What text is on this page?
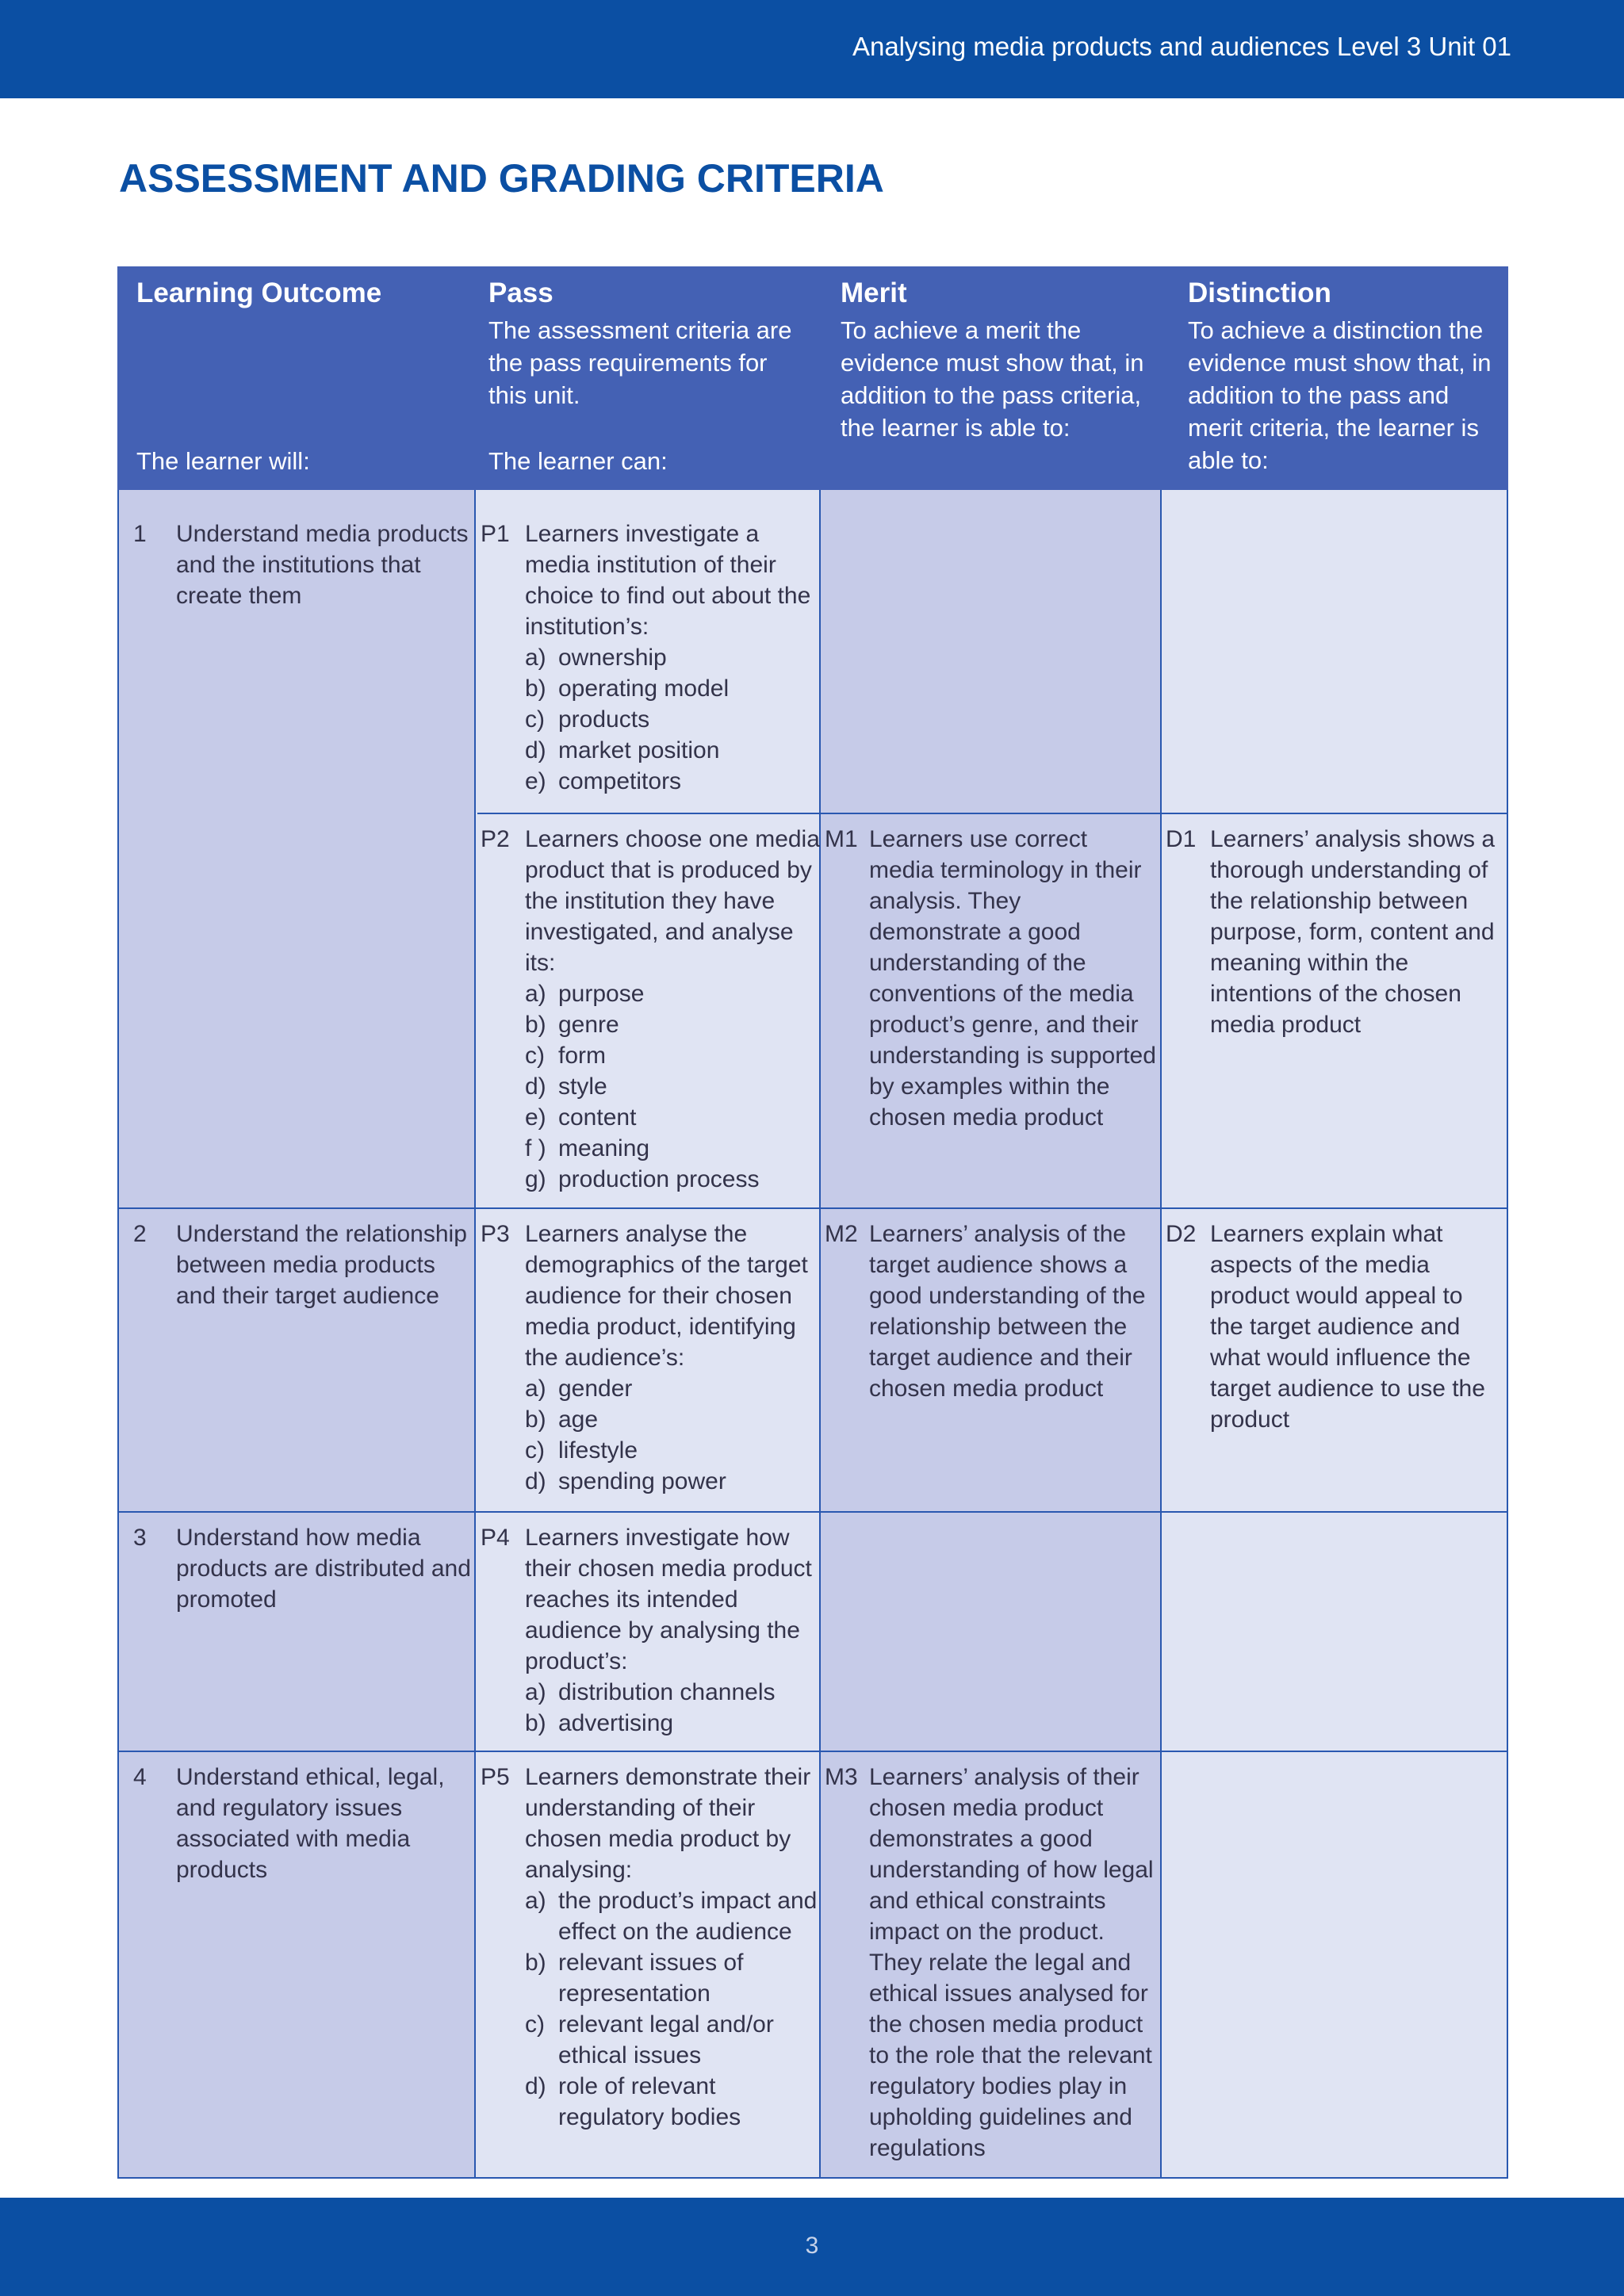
Analysing media products and audiences Level 3 Unit 01
ASSESSMENT AND GRADING CRITERIA
Learning Outcome
The learner will:
Pass
The assessment criteria are the pass requirements for this unit.
The learner can:
Merit
To achieve a merit the evidence must show that, in addition to the pass criteria, the learner is able to:
Distinction
To achieve a distinction the evidence must show that, in addition to the pass and merit criteria, the learner is able to:
1 Understand media products and the institutions that create them
P1 Learners investigate a media institution of their choice to find out about the institution’s:

a) ownership
b) operating model
c) products
d) market position
e) competitors
P2 Learners choose one media product that is produced by the institution they have investigated, and analyse its:

a) purpose
b) genre
c) form
d) style
e) content
f ) meaning
g) production process
M1 Learners use correct media terminology in their analysis. They demonstrate a good understanding of the conventions of the media product’s genre, and their understanding is supported by examples within the chosen media product

D1 Learners’ analysis shows a thorough understanding of the relationship between purpose, form, content and meaning within the intentions of the chosen media product

2 Understand the relationship between media products and their target audience
P3 Learners analyse the demographics of the target audience for their chosen media product, identifying the audience’s:

a) gender
b) age
c) lifestyle
d) spending power
M2 Learners’ analysis of the target audience shows a good understanding of the relationship between the target audience and their chosen media product

D2 Learners explain what aspects of the media product would appeal to the target audience and what would influence the target audience to use the product

3 Understand how media products are distributed and promoted
P4 Learners investigate how their chosen media product reaches its intended audience by analysing the product’s:

a) distribution channels
b) advertising
4 Understand ethical, legal, and regulatory issues associated with media products
P5 Learners demonstrate their understanding of their chosen media product by analysing:

a) the product’s impact and effect on the audience
b) relevant issues of representation
c) relevant legal and/or ethical issues
d) role of relevant regulatory bodies
M3 Learners’ analysis of their chosen media product demonstrates a good understanding of how legal and ethical constraints impact on the product. They relate the legal and ethical issues analysed for the chosen media product to the role that the relevant regulatory bodies play in upholding guidelines and regulations

3
